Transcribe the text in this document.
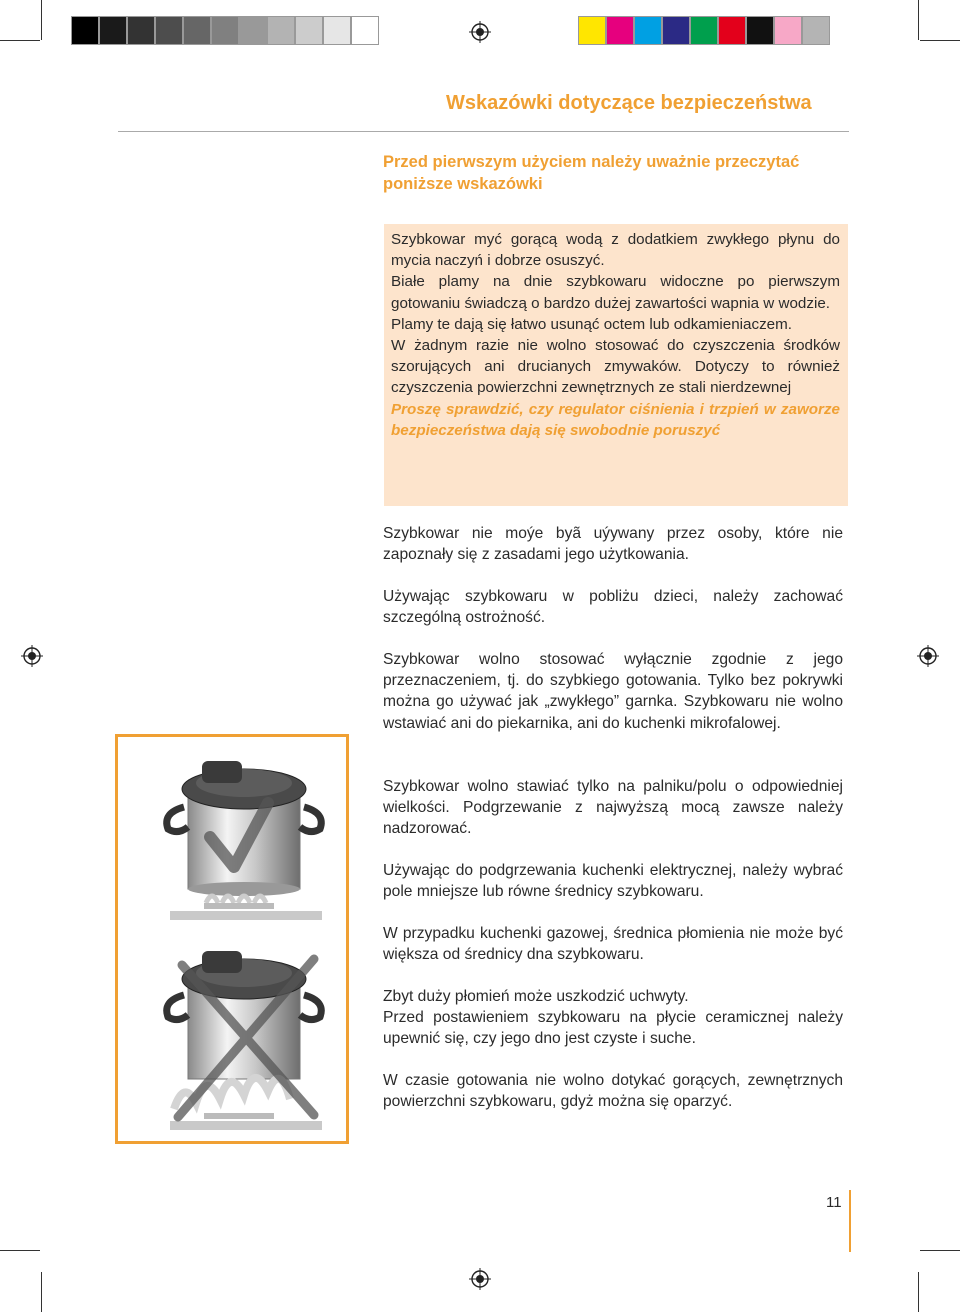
Wskazówki dotyczące bezpieczeństwa
Przed pierwszym użyciem należy uważnie przeczytać
poniższe wskazówki

Szybkowar myć gorącą wodą z dodatkiem zwykłego płynu do mycia naczyń i dobrze osuszyć.

Białe plamy na dnie szybkowaru widoczne po pierwszym gotowaniu świadczą o bardzo dużej zawartości wapnia w wodzie.

Plamy te dają się łatwo usunąć octem lub odkamieniaczem.

W żadnym razie nie wolno stosować do czyszczenia środków szorujących ani drucianych zmywaków. Dotyczy to również czyszczenia powierzchni zewnętrznych ze stali nierdzewnej

Proszę sprawdzić, czy regulator ciśnienia i trzpień w zaworze bezpieczeństwa dają się swobodnie poruszyć

Szybkowar nie moýe byã uýywany przez osoby, które nie zapoznały się z zasadami jego użytkowania.

Używając szybkowaru w pobliżu dzieci, należy zachować szczególną ostrożność.

Szybkowar wolno stosować wyłącznie zgodnie z jego przeznaczeniem, tj. do szybkiego gotowania. Tylko bez pokrywki można go używać jak „zwykłego” garnka. Szybkowaru nie wolno wstawiać ani do piekarnika, ani do kuchenki mikrofalowej.

Szybkowar wolno stawiać tylko na palniku/polu o odpowiedniej wielkości. Podgrzewanie z najwyższą mocą zawsze należy nadzorować.

Używając do podgrzewania kuchenki elektrycznej, należy wybrać pole mniejsze lub równe średnicy szybkowaru.

W przypadku kuchenki gazowej, średnica płomienia nie może być większa od średnicy dna szybkowaru.

Zbyt duży płomień może uszkodzić uchwyty.
Przed postawieniem szybkowaru na płycie ceramicznej należy upewnić się, czy jego dno jest czyste i suche.

W czasie gotowania nie wolno dotykać gorących, zewnętrznych powierzchni szybkowaru, gdyż można się oparzyć.

11
